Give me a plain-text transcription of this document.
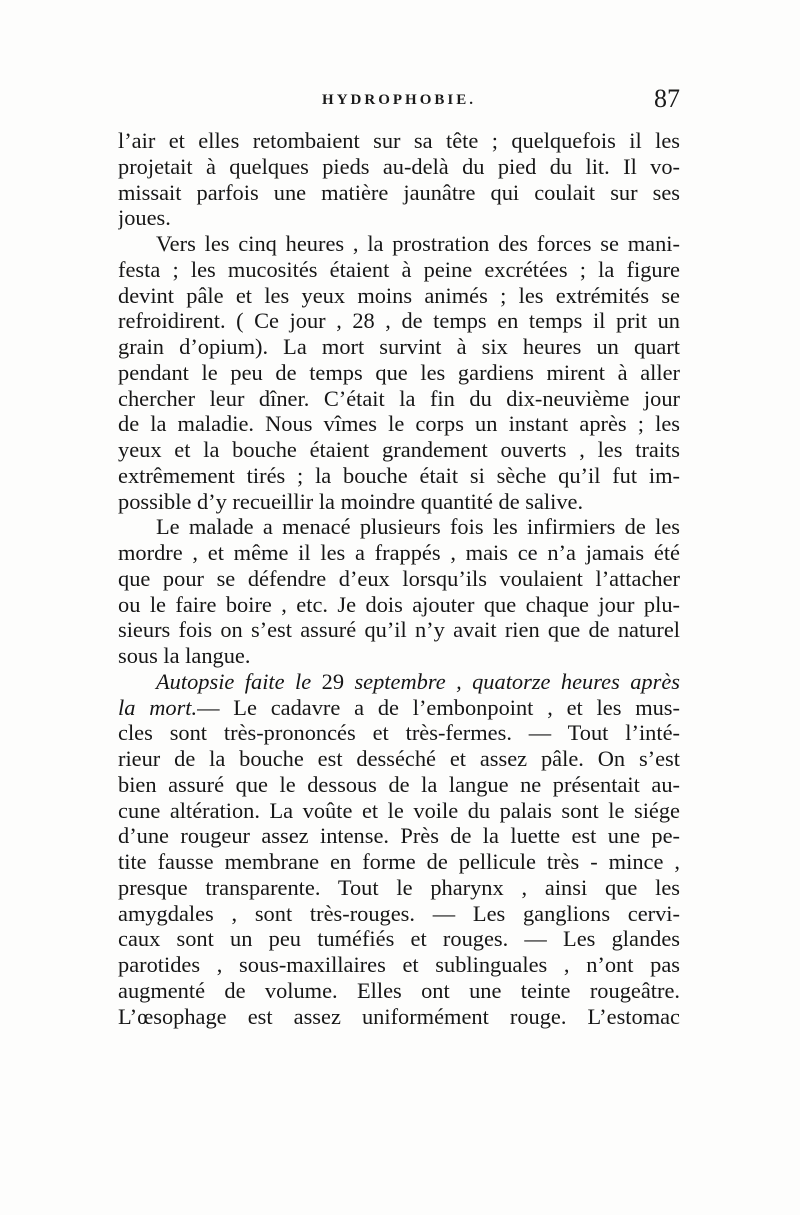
HYDROPHOBIE.	87
l’air et elles retombaient sur sa tête ; quelquefois il les
projetait à quelques pieds au-delà du pied du lit. Il vo-
missait parfois une matière jaunâtre qui coulait sur ses
joues.
Vers les cinq heures , la prostration des forces se mani-
festa ; les mucosités étaient à peine excrétées ; la figure
devint pâle et les yeux moins animés ; les extrémités se
refroidirent. ( Ce jour , 28 , de temps en temps il prit un
grain d’opium). La mort survint à six heures un quart
pendant le peu de temps que les gardiens mirent à aller
chercher leur dîner. C’était la fin du dix-neuvième jour
de la maladie. Nous vîmes le corps un instant après ; les
yeux et la bouche étaient grandement ouverts , les traits
extrêmement tirés ; la bouche était si sèche qu’il fut im-
possible d’y recueillir la moindre quantité de salive.
Le malade a menacé plusieurs fois les infirmiers de les
mordre , et même il les a frappés , mais ce n’a jamais été
que pour se défendre d’eux lorsqu’ils voulaient l’attacher
ou le faire boire , etc. Je dois ajouter que chaque jour plu-
sieurs fois on s’est assuré qu’il n’y avait rien que de naturel
sous la langue.
Autopsie faite le 29 septembre , quatorze heures après
la mort.— Le cadavre a de l’embonpoint , et les mus-
cles sont très-prononcés et très-fermes. — Tout l’inté-
rieur de la bouche est desséché et assez pâle. On s’est
bien assuré que le dessous de la langue ne présentait au-
cune altération. La voûte et le voile du palais sont le siége
d’une rougeur assez intense. Près de la luette est une pe-
tite fausse membrane en forme de pellicule très - mince ,
presque transparente. Tout le pharynx , ainsi que les
amygdales , sont très-rouges. — Les ganglions cervi-
caux sont un peu tuméfiés et rouges. — Les glandes
parotides , sous-maxillaires et sublinguales , n’ont pas
augmenté de volume. Elles ont une teinte rougeâtre.
L’œsophage est assez uniformément rouge. L’estomac
